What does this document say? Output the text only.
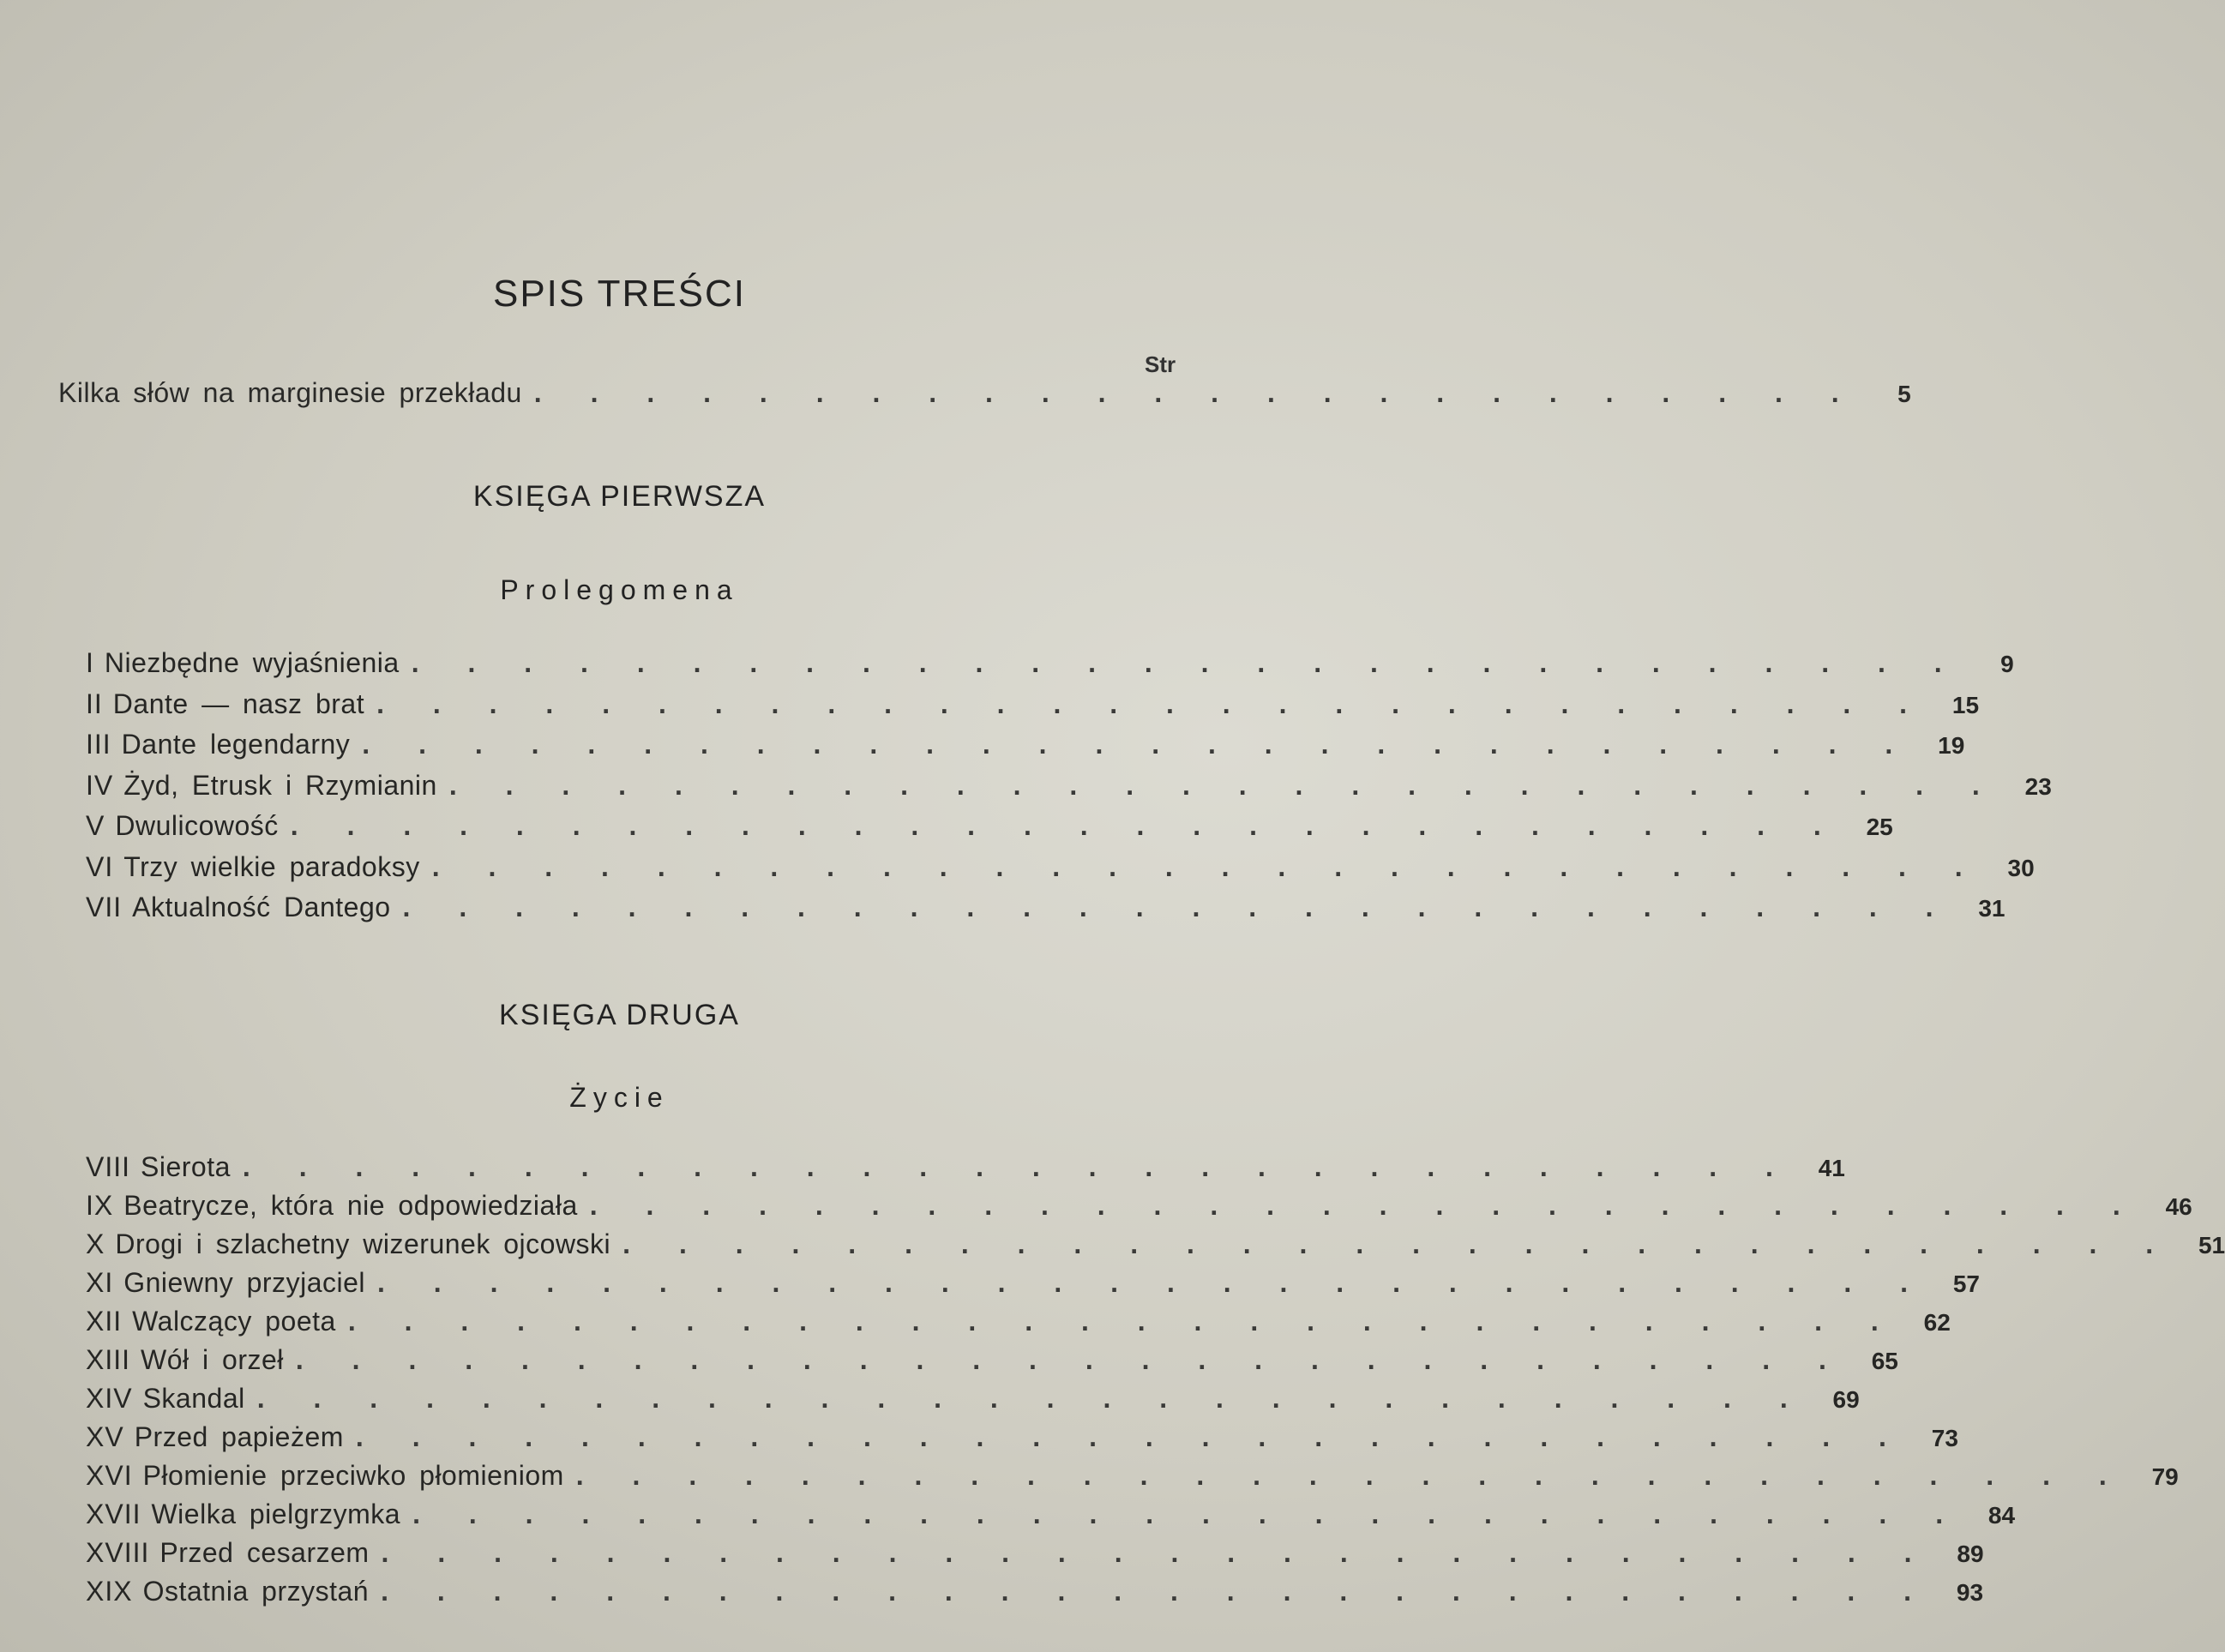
SPIS TREŚCI
Str
Kilka słów na marginesie przekładu . . . . . . . . . . . . . . . . . . . . . . . .	5
KSIĘGA PIERWSZA
Prolegomena
KSIĘGA DRUGA
Życie
I Niezbędne wyjaśnienia . . . . . . . . . . . . . . . . . . . . . . . . . . . .	9
II Dante — nasz brat . . . . . . . . . . . . . . . . . . . . . . . . . . . .	15
III Dante legendarny . . . . . . . . . . . . . . . . . . . . . . . . . . . .	19
IV Żyd, Etrusk i Rzymianin . . . . . . . . . . . . . . . . . . . . . . . . . . . .	23
V Dwulicowość . . . . . . . . . . . . . . . . . . . . . . . . . . . .	25
VI Trzy wielkie paradoksy . . . . . . . . . . . . . . . . . . . . . . . . . . . .	30
VII Aktualność Dantego . . . . . . . . . . . . . . . . . . . . . . . . . . . .	31
VIII Sierota . . . . . . . . . . . . . . . . . . . . . . . . . . . .	41
IX Beatrycze, która nie odpowiedziała . . . . . . . . . . . . . . . . . . . . . . . . . . . .	46
X Drogi i szlachetny wizerunek ojcowski . . . . . . . . . . . . . . . . . . . . . . . . . . . .	51
XI Gniewny przyjaciel . . . . . . . . . . . . . . . . . . . . . . . . . . . .	57
XII Walczący poeta . . . . . . . . . . . . . . . . . . . . . . . . . . . .	62
XIII Wół i orzeł . . . . . . . . . . . . . . . . . . . . . . . . . . . .	65
XIV Skandal . . . . . . . . . . . . . . . . . . . . . . . . . . . .	69
XV Przed papieżem . . . . . . . . . . . . . . . . . . . . . . . . . . . .	73
XVI Płomienie przeciwko płomieniom . . . . . . . . . . . . . . . . . . . . . . . . . . . .	79
XVII Wielka pielgrzymka . . . . . . . . . . . . . . . . . . . . . . . . . . . .	84
XVIII Przed cesarzem . . . . . . . . . . . . . . . . . . . . . . . . . . . .	89
XIX Ostatnia przystań . . . . . . . . . . . . . . . . . . . . . . . . . . . .	93
